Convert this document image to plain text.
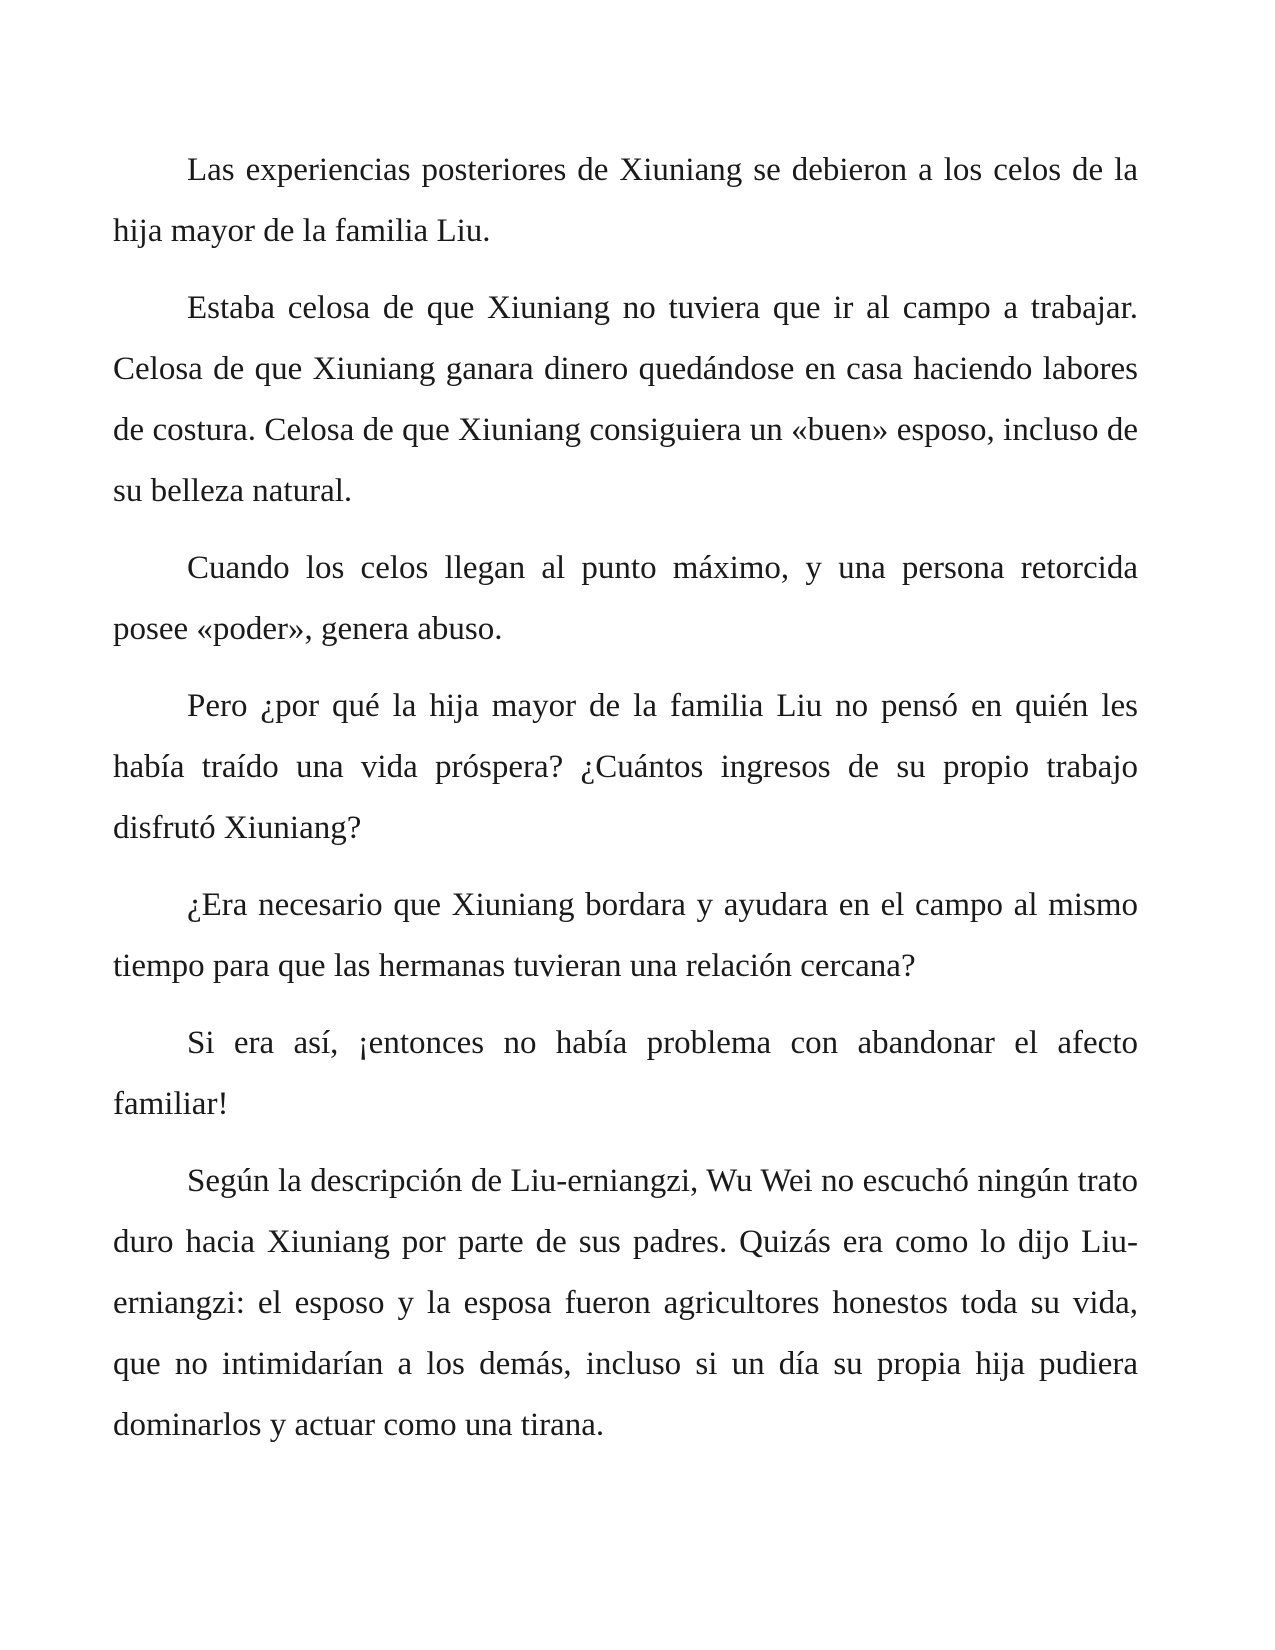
Las experiencias posteriores de Xiuniang se debieron a los celos de la hija mayor de la familia Liu.

Estaba celosa de que Xiuniang no tuviera que ir al campo a trabajar. Celosa de que Xiuniang ganara dinero quedándose en casa haciendo labores de costura. Celosa de que Xiuniang consiguiera un «buen» esposo, incluso de su belleza natural.

Cuando los celos llegan al punto máximo, y una persona retorcida posee «poder», genera abuso.

Pero ¿por qué la hija mayor de la familia Liu no pensó en quién les había traído una vida próspera? ¿Cuántos ingresos de su propio trabajo disfrutó Xiuniang?

¿Era necesario que Xiuniang bordara y ayudara en el campo al mismo tiempo para que las hermanas tuvieran una relación cercana?

Si era así, ¡entonces no había problema con abandonar el afecto familiar!

Según la descripción de Liu-erniangzi, Wu Wei no escuchó ningún trato duro hacia Xiuniang por parte de sus padres. Quizás era como lo dijo Liu-erniangzi: el esposo y la esposa fueron agricultores honestos toda su vida, que no intimidarían a los demás, incluso si un día su propia hija pudiera dominarlos y actuar como una tirana.
